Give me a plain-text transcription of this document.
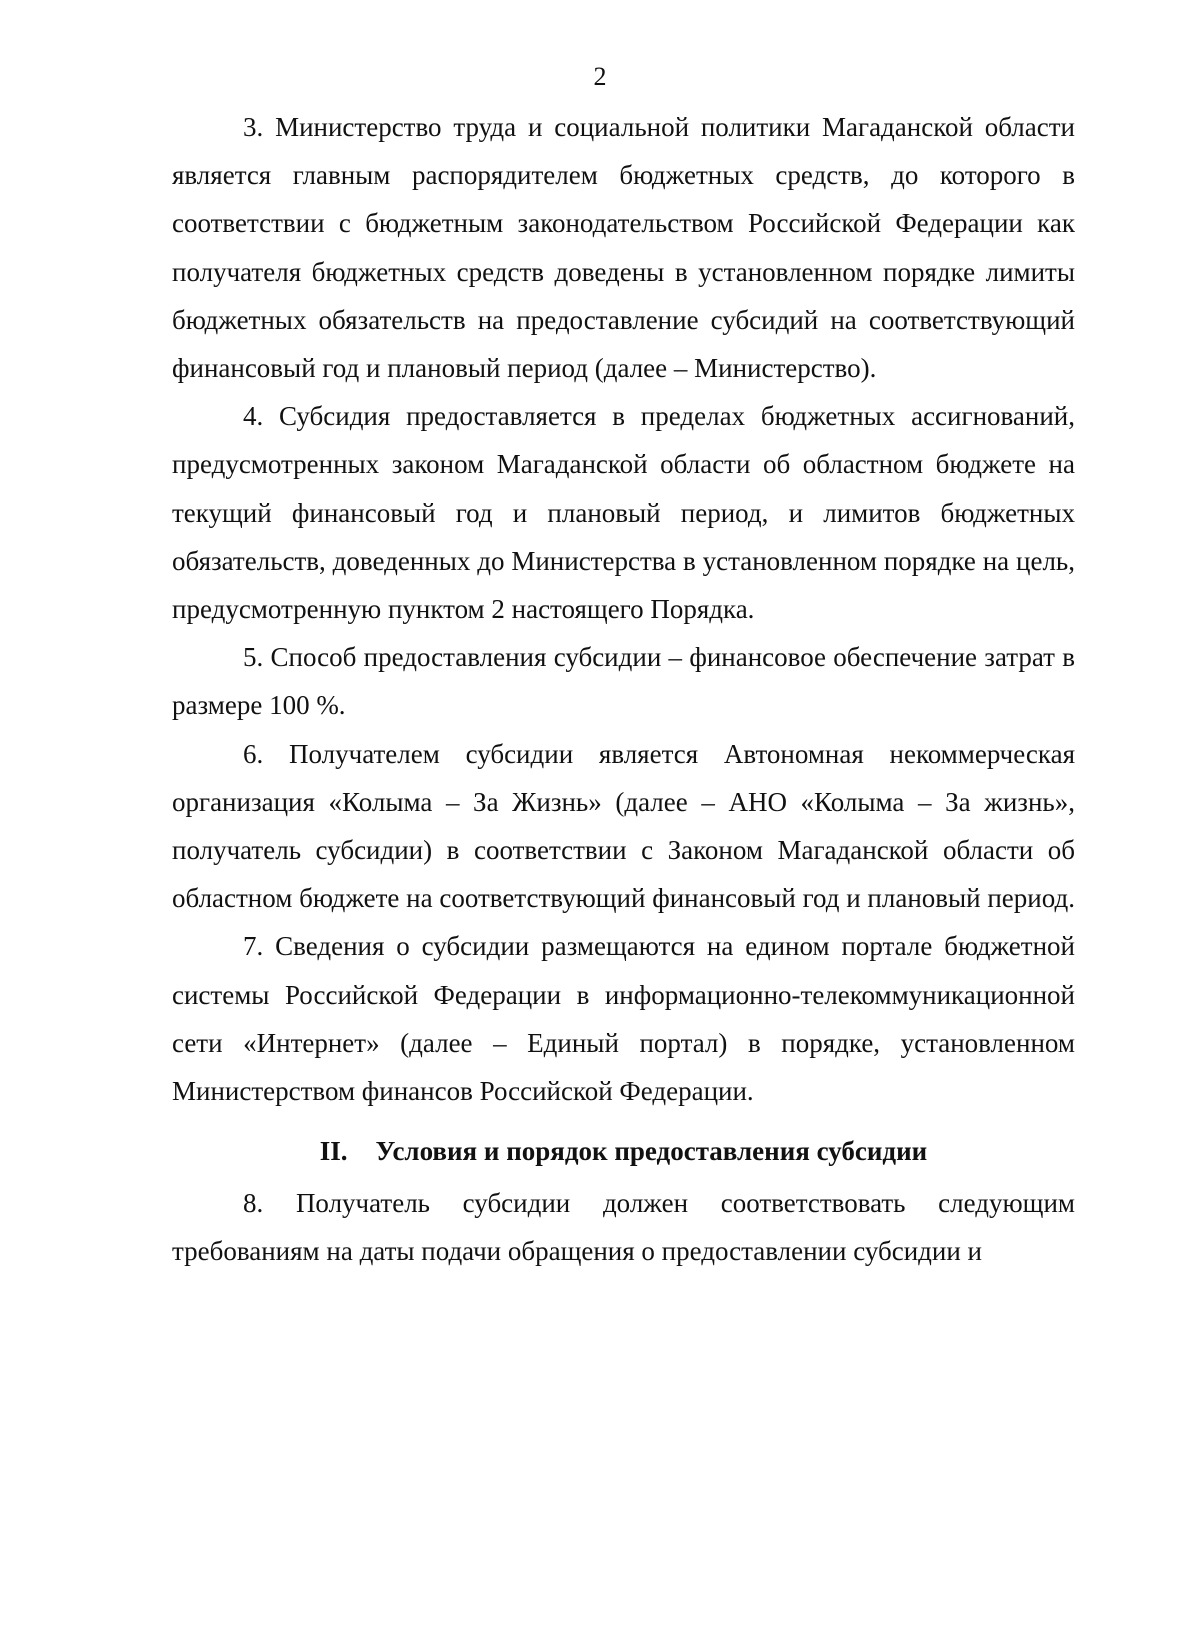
2

3. Министерство труда и социальной политики Магаданской области является главным распорядителем бюджетных средств, до которого в соответствии с бюджетным законодательством Российской Федерации как получателя бюджетных средств доведены в установленном порядке лимиты бюджетных обязательств на предоставление субсидий на соответствующий финансовый год и плановый период (далее – Министерство).

4. Субсидия предоставляется в пределах бюджетных ассигнований, предусмотренных законом Магаданской области об областном бюджете на текущий финансовый год и плановый период, и лимитов бюджетных обязательств, доведенных до Министерства в установленном порядке на цель, предусмотренную пунктом 2 настоящего Порядка.

5. Способ предоставления субсидии – финансовое обеспечение затрат в размере 100 %.

6. Получателем субсидии является Автономная некоммерческая организация «Колыма – За Жизнь» (далее – АНО «Колыма – За жизнь», получатель субсидии) в соответствии с Законом Магаданской области об областном бюджете на соответствующий финансовый год и плановый период.

7. Сведения о субсидии размещаются на едином портале бюджетной системы Российской Федерации в информационно-телекоммуникационной сети «Интернет» (далее – Единый портал) в порядке, установленном Министерством финансов Российской Федерации.

II. Условия и порядок предоставления субсидии

8. Получатель субсидии должен соответствовать следующим требованиям на даты подачи обращения о предоставлении субсидии и
